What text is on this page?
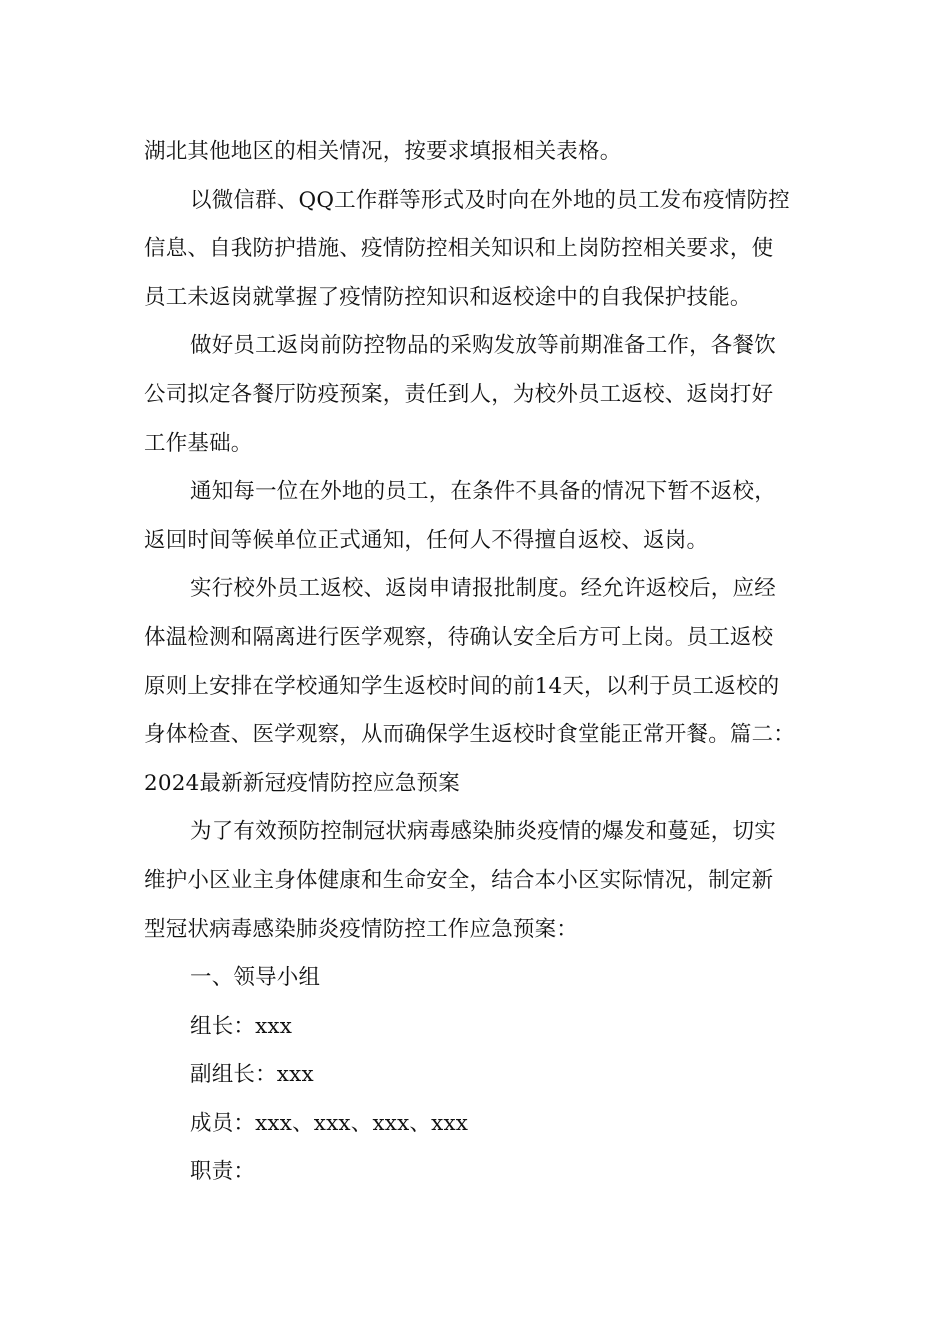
湖北其他地区的相关情况，按要求填报相关表格。

以微信群、QQ工作群等形式及时向在外地的员工发布疫情防控
信息、自我防护措施、疫情防控相关知识和上岗防控相关要求，使
员工未返岗就掌握了疫情防控知识和返校途中的自我保护技能。

做好员工返岗前防控物品的采购发放等前期准备工作，各餐饮
公司拟定各餐厅防疫预案，责任到人，为校外员工返校、返岗打好
工作基础。

通知每一位在外地的员工，在条件不具备的情况下暂不返校，
返回时间等候单位正式通知，任何人不得擅自返校、返岗。

实行校外员工返校、返岗申请报批制度。经允许返校后，应经
体温检测和隔离进行医学观察，待确认安全后方可上岗。员工返校
原则上安排在学校通知学生返校时间的前14天，以利于员工返校的
身体检查、医学观察，从而确保学生返校时食堂能正常开餐。篇二：
2024最新新冠疫情防控应急预案

为了有效预防控制冠状病毒感染肺炎疫情的爆发和蔓延，切实
维护小区业主身体健康和生命安全，结合本小区实际情况，制定新
型冠状病毒感染肺炎疫情防控工作应急预案：

一、领导小组

组长：xxx

副组长：xxx

成员：xxx、xxx、xxx、xxx

职责：
